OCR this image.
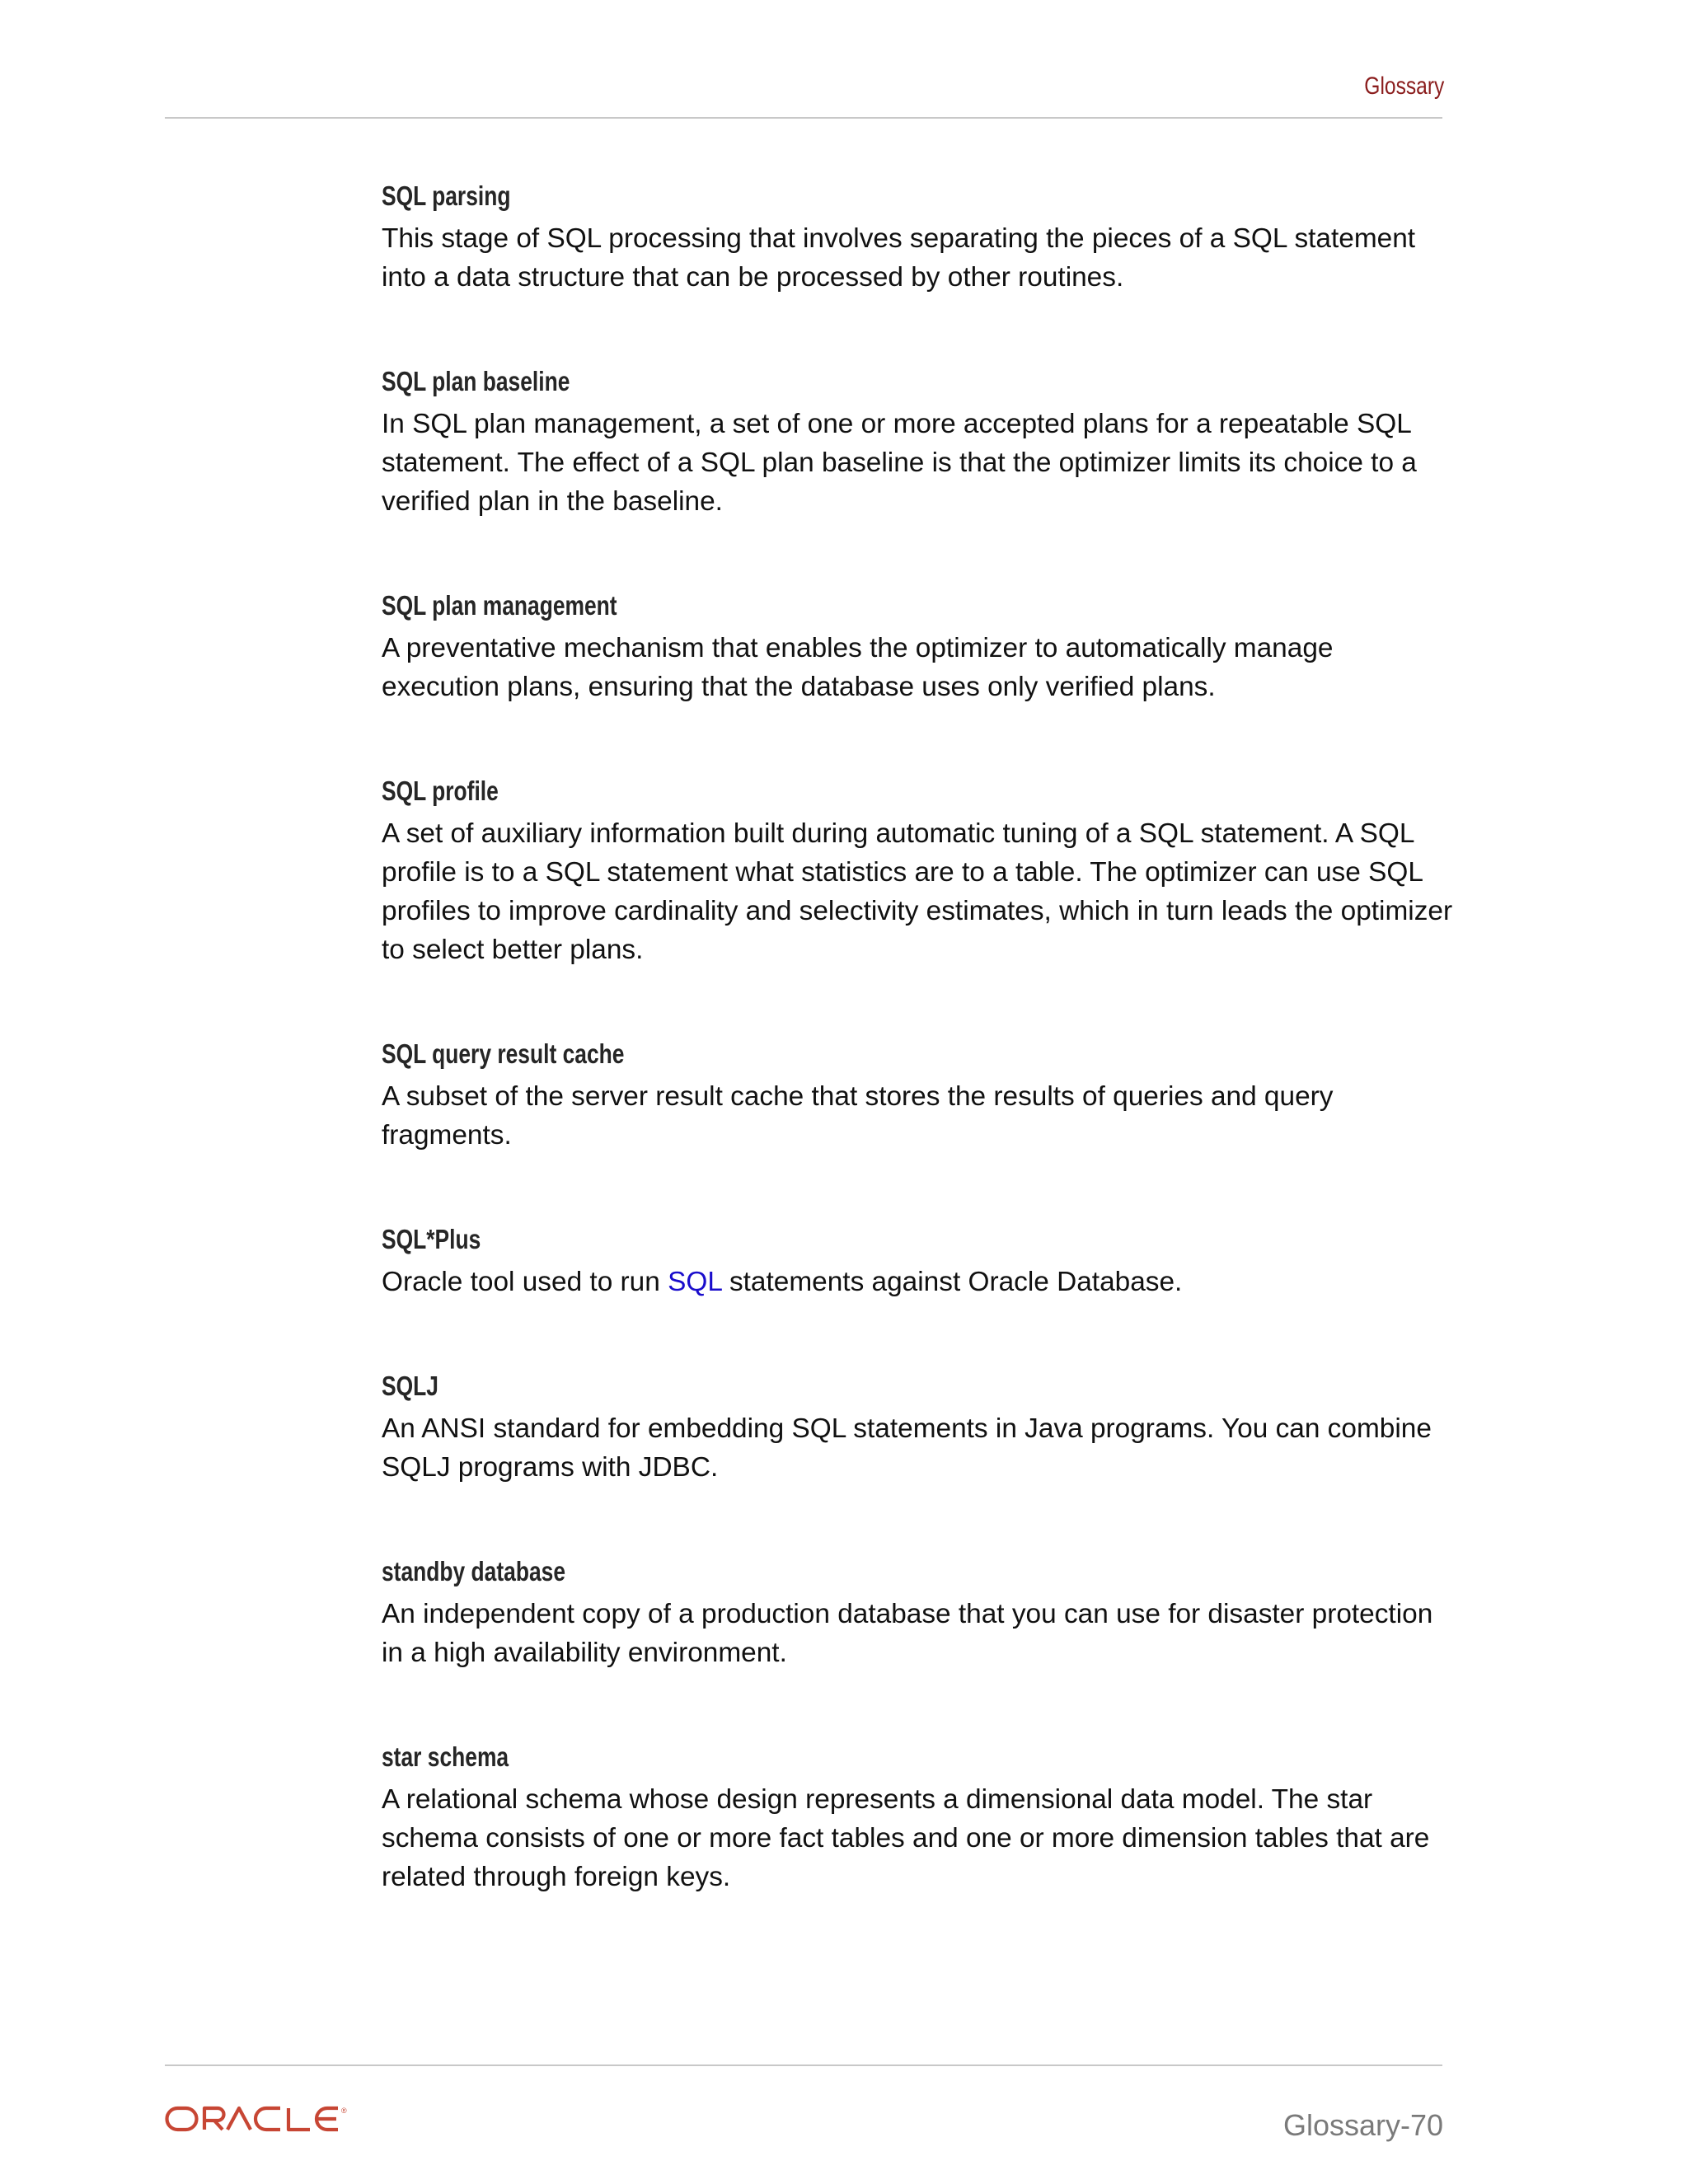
Glossary
SQL parsing

This stage of SQL processing that involves separating the pieces of a SQL statement into a data structure that can be processed by other routines.

SQL plan baseline

In SQL plan management, a set of one or more accepted plans for a repeatable SQL statement. The effect of a SQL plan baseline is that the optimizer limits its choice to a verified plan in the baseline.

SQL plan management

A preventative mechanism that enables the optimizer to automatically manage execution plans, ensuring that the database uses only verified plans.

SQL profile

A set of auxiliary information built during automatic tuning of a SQL statement. A SQL profile is to a SQL statement what statistics are to a table. The optimizer can use SQL profiles to improve cardinality and selectivity estimates, which in turn leads the optimizer to select better plans.

SQL query result cache

A subset of the server result cache that stores the results of queries and query fragments.

SQL*Plus

Oracle tool used to run SQL statements against Oracle Database.

SQLJ

An ANSI standard for embedding SQL statements in Java programs. You can combine SQLJ programs with JDBC.

standby database

An independent copy of a production database that you can use for disaster protection in a high availability environment.

star schema

A relational schema whose design represents a dimensional data model. The star schema consists of one or more fact tables and one or more dimension tables that are related through foreign keys.

®	Glossary-70
